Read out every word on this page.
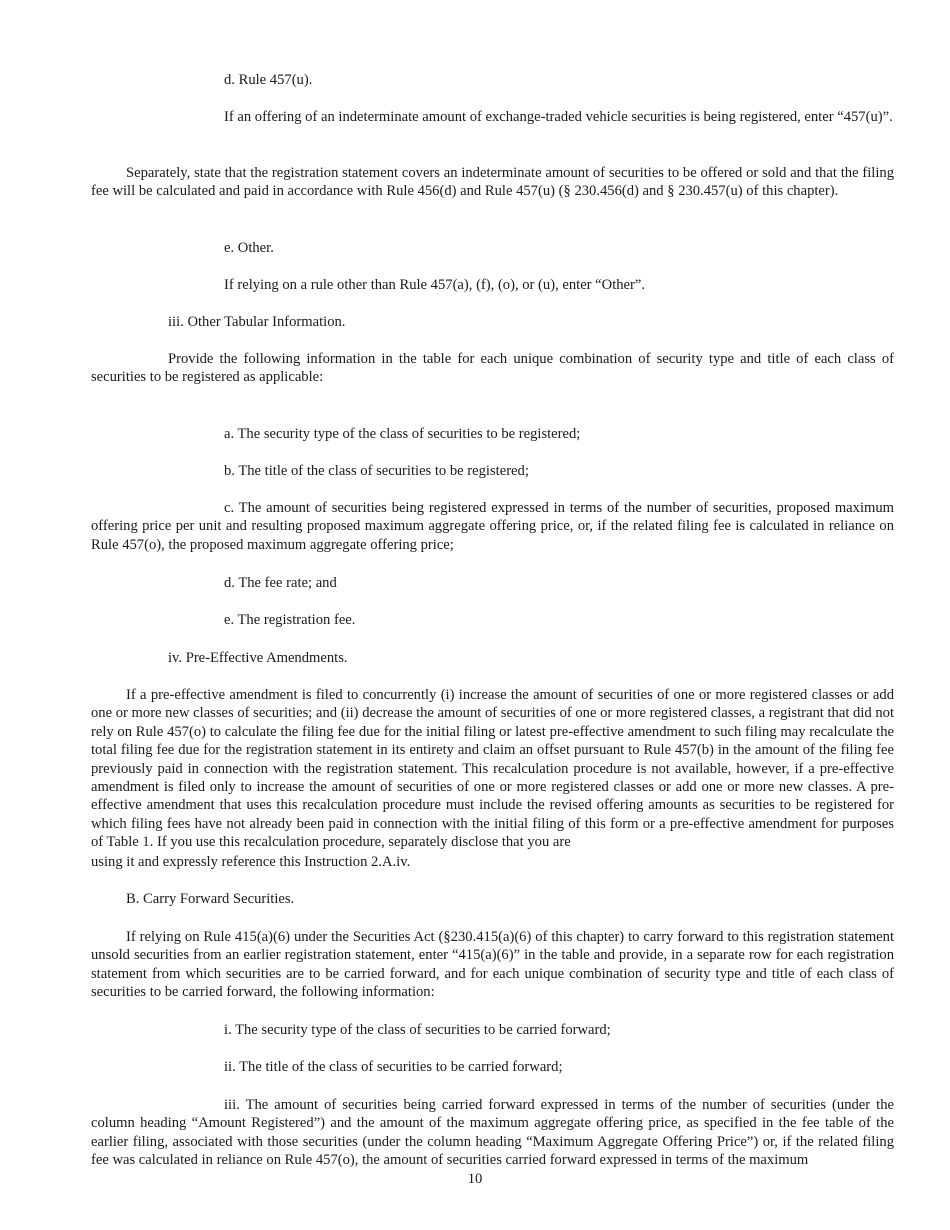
d. Rule 457(u).

If an offering of an indeterminate amount of exchange-traded vehicle securities is being registered, enter “457(u)”.

Separately, state that the registration statement covers an indeterminate amount of securities to be offered or sold and that the filing fee will be calculated and paid in accordance with Rule 456(d) and Rule 457(u) (§ 230.456(d) and § 230.457(u) of this chapter).

e. Other.

If relying on a rule other than Rule 457(a), (f), (o), or (u), enter “Other”.

iii. Other Tabular Information.

Provide the following information in the table for each unique combination of security type and title of each class of securities to be registered as applicable:

a. The security type of the class of securities to be registered;

b. The title of the class of securities to be registered;

c. The amount of securities being registered expressed in terms of the number of securities, proposed maximum offering price per unit and resulting proposed maximum aggregate offering price, or, if the related filing fee is calculated in reliance on Rule 457(o), the proposed maximum aggregate offering price;

d. The fee rate; and

e. The registration fee.

iv. Pre-Effective Amendments.

If a pre-effective amendment is filed to concurrently (i) increase the amount of securities of one or more registered classes or add one or more new classes of securities; and (ii) decrease the amount of securities of one or more registered classes, a registrant that did not rely on Rule 457(o) to calculate the filing fee due for the initial filing or latest pre-effective amendment to such filing may recalculate the total filing fee due for the registration statement in its entirety and claim an offset pursuant to Rule 457(b) in the amount of the filing fee previously paid in connection with the registration statement. This recalculation procedure is not available, however, if a pre-effective amendment is filed only to increase the amount of securities of one or more registered classes or add one or more new classes. A pre-effective amendment that uses this recalculation procedure must include the revised offering amounts as securities to be registered for which filing fees have not already been paid in connection with the initial filing of this form or a pre-effective amendment for purposes of Table 1. If you use this recalculation procedure, separately disclose that you are

using it and expressly reference this Instruction 2.A.iv.

B. Carry Forward Securities.

If relying on Rule 415(a)(6) under the Securities Act (§230.415(a)(6) of this chapter) to carry forward to this registration statement unsold securities from an earlier registration statement, enter “415(a)(6)” in the table and provide, in a separate row for each registration statement from which securities are to be carried forward, and for each unique combination of security type and title of each class of securities to be carried forward, the following information:

i. The security type of the class of securities to be carried forward;

ii. The title of the class of securities to be carried forward;

iii. The amount of securities being carried forward expressed in terms of the number of securities (under the column heading “Amount Registered”) and the amount of the maximum aggregate offering price, as specified in the fee table of the earlier filing, associated with those securities (under the column heading “Maximum Aggregate Offering Price”) or, if the related filing fee was calculated in reliance on Rule 457(o), the amount of securities carried forward expressed in terms of the maximum

10
